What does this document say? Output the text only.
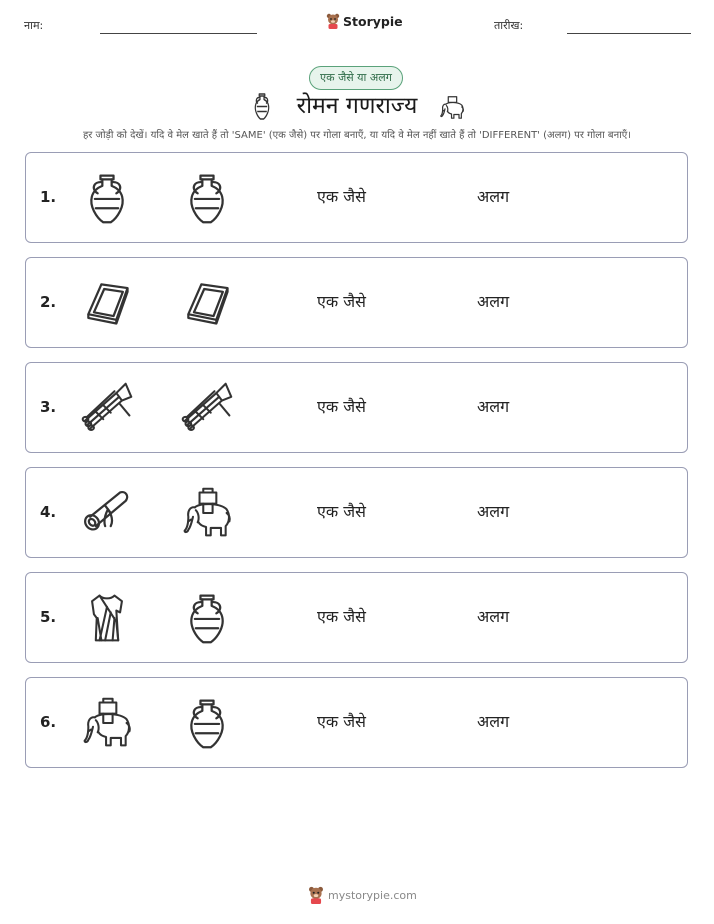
नाम:	Storypie	तारीख:
एक जैसे या अलग
रोमन गणराज्य
हर जोड़ी को देखें। यदि वे मेल खाते हैं तो 'SAME' (एक जैसे) पर गोला बनाएँ, या यदि वे मेल नहीं खाते हैं तो 'DIFFERENT' (अलग) पर गोला बनाएँ।
1.	एक जैसे	अलग
2.	एक जैसे	अलग
3.	एक जैसे	अलग
4.	एक जैसे	अलग
5.	एक जैसे	अलग
6.	एक जैसे	अलग
mystorypie.com
